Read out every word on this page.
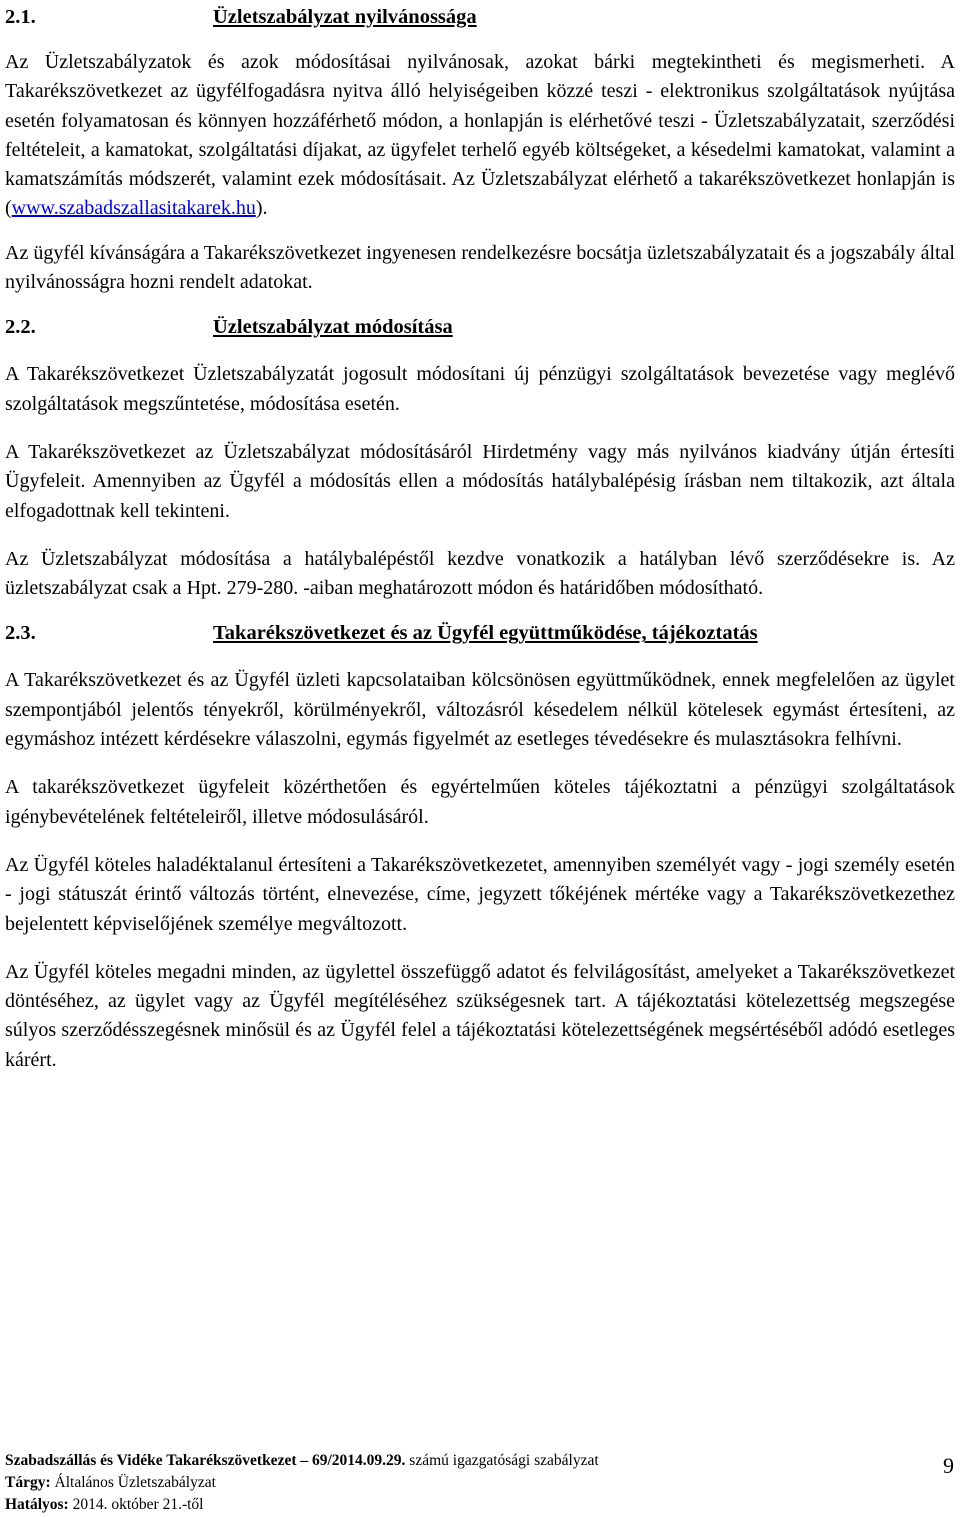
2.1.	Üzletszabályzat nyilvánossága

Az Üzletszabályzatok és azok módosításai nyilvánosak, azokat bárki megtekintheti és megismerheti. A Takarékszövetkezet az ügyfélfogadásra nyitva álló helyiségeiben közzé teszi - elektronikus szolgáltatások nyújtása esetén folyamatosan és könnyen hozzáférhető módon, a honlapján is elérhetővé teszi - Üzletszabályzatait, szerződési feltételeit, a kamatokat, szolgáltatási díjakat, az ügyfelet terhelő egyéb költségeket, a késedelmi kamatokat, valamint a kamatszámítás módszerét, valamint ezek módosításait. Az Üzletszabályzat elérhető a takarékszövetkezet honlapján is (www.szabadszallasitakarek.hu).

Az ügyfél kívánságára a Takarékszövetkezet ingyenesen rendelkezésre bocsátja üzletszabályzatait és a jogszabály által nyilvánosságra hozni rendelt adatokat.

2.2.	Üzletszabályzat módosítása

A Takarékszövetkezet Üzletszabályzatát jogosult módosítani új pénzügyi szolgáltatások bevezetése vagy meglévő szolgáltatások megszűntetése, módosítása esetén.

A Takarékszövetkezet az Üzletszabályzat módosításáról Hirdetmény vagy más nyilvános kiadvány útján értesíti Ügyfeleit. Amennyiben az Ügyfél a módosítás ellen a módosítás hatálybalépésig írásban nem tiltakozik, azt általa elfogadottnak kell tekinteni.

Az Üzletszabályzat módosítása a hatálybalépéstől kezdve vonatkozik a hatályban lévő szerződésekre is. Az üzletszabályzat csak a Hpt. 279-280. -aiban meghatározott módon és határidőben módosítható.

2.3.	Takarékszövetkezet és az Ügyfél együttműködése, tájékoztatás

A Takarékszövetkezet és az Ügyfél üzleti kapcsolataiban kölcsönösen együttműködnek, ennek megfelelően az ügylet szempontjából jelentős tényekről, körülményekről, változásról késedelem nélkül kötelesek egymást értesíteni, az egymáshoz intézett kérdésekre válaszolni, egymás figyelmét az esetleges tévedésekre és mulasztásokra felhívni.

A takarékszövetkezet ügyfeleit közérthetően és egyértelműen köteles tájékoztatni a pénzügyi szolgáltatások igénybevételének feltételeiről, illetve módosulásáról.

Az Ügyfél köteles haladéktalanul értesíteni a Takarékszövetkezetet, amennyiben személyét vagy - jogi személy esetén - jogi státuszát érintő változás történt, elnevezése, címe, jegyzett tőkéjének mértéke vagy a Takarékszövetkezethez bejelentett képviselőjének személye megváltozott.

Az Ügyfél köteles megadni minden, az ügylettel összefüggő adatot és felvilágosítást, amelyeket a Takarékszövetkezet döntéséhez, az ügylet vagy az Ügyfél megítéléséhez szükségesnek tart. A tájékoztatási kötelezettség megszegése súlyos szerződésszegésnek minősül és az Ügyfél felel a tájékoztatási kötelezettségének megsértéséből adódó esetleges kárért.

Szabadszállás és Vidéke Takarékszövetkezet – 69/2014.09.29. számú igazgatósági szabályzat
Tárgy: Általános Üzletszabályzat
Hatályos: 2014. október 21.-től
9
